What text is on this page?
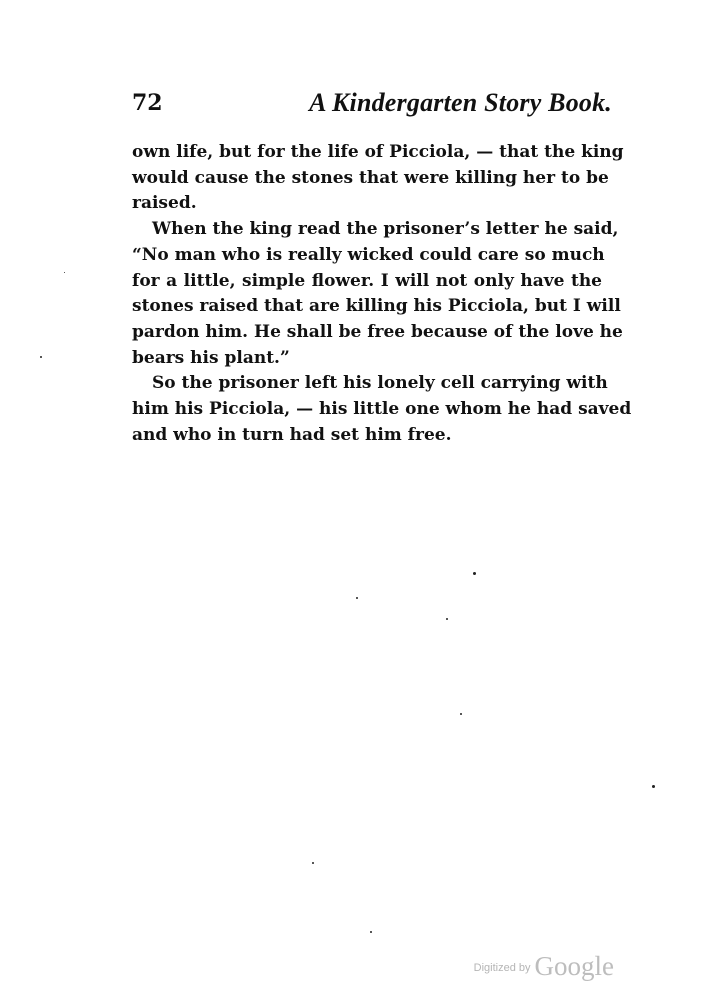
72	A Kindergarten Story Book.

own life, but for the life of Picciola, — that the king
would cause the stones that were killing her to be
raised.

When the king read the prisoner’s letter he said,
“No man who is really wicked could care so much
for a little, simple flower. I will not only have the
stones raised that are killing his Picciola, but I will
pardon him. He shall be free because of the love he
bears his plant.”

So the prisoner left his lonely cell carrying with
him his Picciola, — his little one whom he had saved
and who in turn had set him free.

Digitized by Google
